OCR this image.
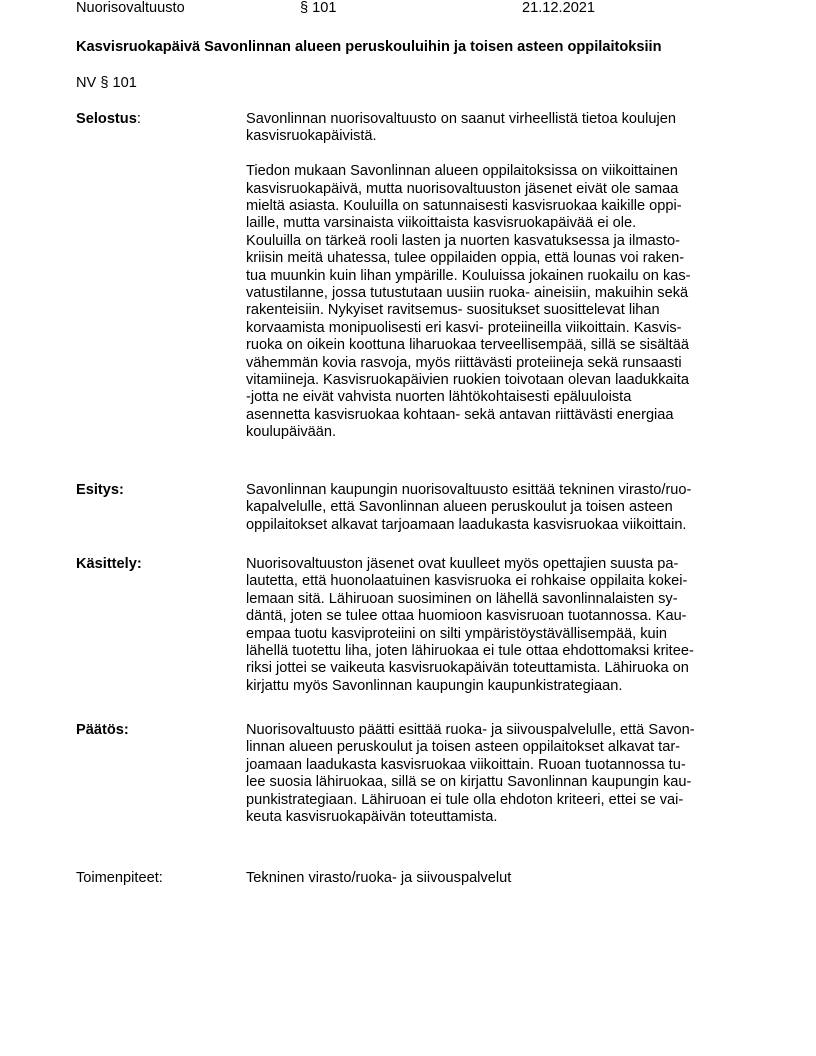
Nuorisovaltuusto	§ 101	21.12.2021
Kasvisruokapäivä Savonlinnan alueen peruskouluihin ja toisen asteen oppilaitoksiin
NV § 101
Selostus:	Savonlinnan nuorisovaltuusto on saanut virheellistä tietoa koulujen
kasvisruokapäivistä.

Tiedon mukaan Savonlinnan alueen oppilaitoksissa on viikoittainen
kasvisruokapäivä, mutta nuorisovaltuuston jäsenet eivät ole samaa
mieltä asiasta. Kouluilla on satunnaisesti kasvisruokaa kaikille oppi-
laille, mutta varsinaista viikoittaista kasvisruokapäivää ei ole.
Kouluilla on tärkeä rooli lasten ja nuorten kasvatuksessa ja ilmasto-
kriisin meitä uhatessa, tulee oppilaiden oppia, että lounas voi raken-
tua muunkin kuin lihan ympärille. Kouluissa jokainen ruokailu on kas-
vatustilanne, jossa tutustutaan uusiin ruoka- aineisiin, makuihin sekä
rakenteisiin. Nykyiset ravitsemus- suositukset suosittelevat lihan
korvaamista monipuolisesti eri kasvi- proteiineilla viikoittain. Kasvis-
ruoka on oikein koottuna liharuokaa terveellisempää, sillä se sisältää
vähemmän kovia rasvoja, myös riittävästi proteiineja sekä runsaasti
vitamiineja. Kasvisruokapäivien ruokien toivotaan olevan laadukkaita
-jotta ne eivät vahvista nuorten lähtökohtaisesti epäluuloista
asennetta kasvisruokaa kohtaan- sekä antavan riittävästi energiaa
koulupäivään.

Esitys:	Savonlinnan kaupungin nuorisovaltuusto esittää tekninen virasto/ruo-
kapalvelulle, että Savonlinnan alueen peruskoulut ja toisen asteen
oppilaitokset alkavat tarjoamaan laadukasta kasvisruokaa viikoittain.

Käsittely:	Nuorisovaltuuston jäsenet ovat kuulleet myös opettajien suusta pa-
lautetta, että huonolaatuinen kasvisruoka ei rohkaise oppilaita kokei-
lemaan sitä. Lähiruoan suosiminen on lähellä savonlinnalaisten sy-
däntä, joten se tulee ottaa huomioon kasvisruoan tuotannossa. Kau-
empaa tuotu kasviproteiini on silti ympäristöystävällisempää, kuin
lähellä tuotettu liha, joten lähiruokaa ei tule ottaa ehdottomaksi kritee-
riksi jottei se vaikeuta kasvisruokapäivän toteuttamista. Lähiruoka on
kirjattu myös Savonlinnan kaupungin kaupunkistrategiaan.

Päätös:	Nuorisovaltuusto päätti esittää ruoka- ja siivouspalvelulle, että Savon-
linnan alueen peruskoulut ja toisen asteen oppilaitokset alkavat tar-
joamaan laadukasta kasvisruokaa viikoittain. Ruoan tuotannossa tu-
lee suosia lähiruokaa, sillä se on kirjattu Savonlinnan kaupungin kau-
punkistrategiaan. Lähiruoan ei tule olla ehdoton kriteeri, ettei se vai-
keuta kasvisruokapäivän toteuttamista.

Toimenpiteet:	Tekninen virasto/ruoka- ja siivouspalvelut
